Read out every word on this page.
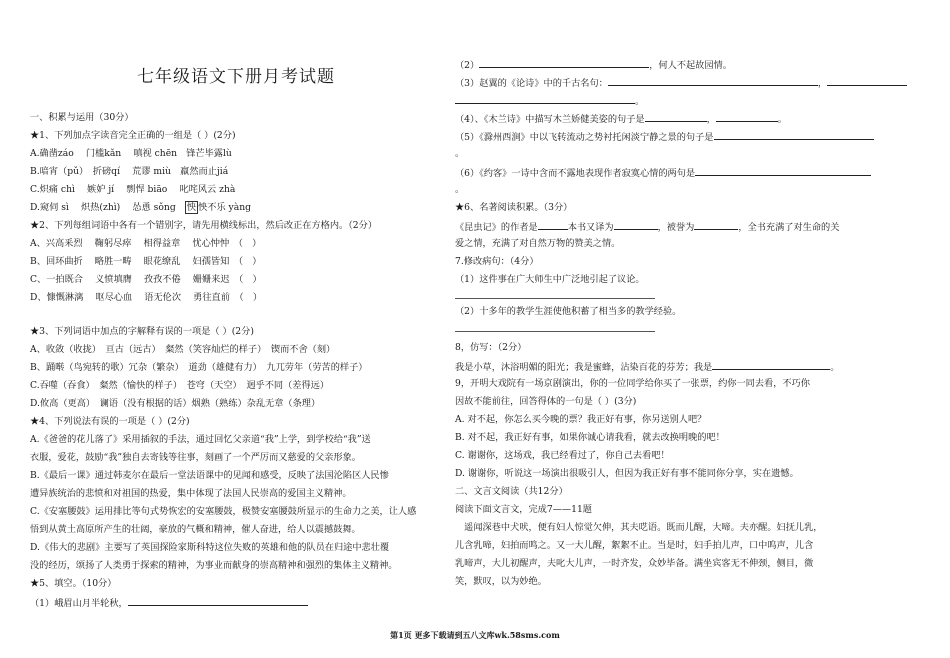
七年级语文下册月考试题
一、积累与运用（30分）
★1、下列加点字读音完全正确的一组是（ ）(2分)
A.确凿záo　 门槛kǎn　 嗔视 chēn　锋芒毕露lù
B.喑宵（pǔ）　折磅qí　 荒谬 miù　羸然而止jiá
C.炽痛 chì　 嫉妒 jí　 剽悍 biāo　 叱咤风云 zhà
D.窥伺 sì　 炽热(zhì)　 怂恿 sǒng　怏 怏不乐 yàng
★2、下列每组词语中各有一个错别字，请先用横线标出，然后改正在方格内。（2分）
A、兴高釆烈　 鞠躬尽瘁　 相得益章　 忧心忡忡　（　）
B、回环曲折　 略胜一畴　 眼花缭乱　 妇孺皆知　（　）
C、一拍既合　 义愤填膺　 孜孜不倦　 姗姗来迟　（　）
D、慷慨淋漓　 呕尽心血　 语无伦次　 勇往直前　（　）
★3、下列词语中加点的字解释有误的一项是（ ）(2分)
A、收敛（收拢）　亘古（远古）　粲然（笑容灿烂的样子）　锲而不舍（刻）
B、踊啭（鸟宛转的歌）冗杂（繁杂）　道劲（雄健有力）　九兀劳年（劳苦的样子）
C.吞噬（吞食）　粲然（愉快的样子）　苍穹（天空）　迥乎不同（差得远）
D.攸高（更高）　谰语（没有根据的话）烟熟（熟练）杂乱无章（条理）
★4、下列说法有误的一项是（ ）(2分)
A.《爸爸的花儿落了》采用插叙的手法，通过回忆父亲道“我”上学，到学校给“我”送
衣服，爱花，鼓励“我”独自去寄钱等往事，刻画了一个严厉而又慈爱的父亲形象。
B.《最后一课》通过韩麦尔在最后一堂法语课中的见闻和感受，反映了法国沦陷区人民惨
遭异族统治的悲愤和对祖国的热爱，集中体现了法国人民崇高的爱国主义精神。
C.《安塞腰鼓》运用排比等句式势恢宏的安塞腰鼓，极赞安塞腰鼓所显示的生命力之美，让人感
悟到从黄土高原所产生的壮阔，豪放的气概和精神，催人奋进，给人以震撼鼓舞。
D.《伟大的悲剧》主要写了英国探险家斯科特这位失败的英雄和他的队员在归途中悲壮覆
没的经历，颂扬了人类勇于探索的精神，为事业而献身的崇高精神和强烈的集体主义精神。
★5、填空。（10分）
（1）峨眉山月半轮秋，
（2）	，何人不起故园情。
（3）赵翼的《论诗》中的千古名句：	，
。
（4）、《木兰诗》中描写木兰娇健美姿的句子是	，	。
（5）《滁州西涧》中以飞转流动之势衬托闲淡宁静之景的句子是
。
（6）《约客》一诗中含而不露地表现作者寂寞心情的两句是
。
★6、名著阅读积累。（3分）
《昆虫记》的作者是	本书又译为	，被誉为	，全书充满了对生命的关
爱之情，充满了对自然万物的赞美之情。
7.修改病句：（4分）
（1）这件事在广大师生中广泛地引起了议论。
（2）十多年的教学生涯使他积蓄了相当多的教学经验。
8，仿写：（2分）
我是小草，沐浴明媚的阳光；我是蜜蜂，沾染百花的芬芳；我是	。
9，开明大戏院有一场京剧演出，你的一位同学给你买了一张票，约你一同去看，不巧你
因故不能前往，回答得体的一句是（ ）(3分)
A. 对不起，你怎么买今晚的票？我正好有事，你另送别人吧？
B. 对不起，我正好有事，如果你诚心请我看，就去改换明晚的吧！
C. 谢谢你，这场戏，我已经看过了，你自己去看吧！
D. 谢谢你，听说这一场演出很吸引人，但因为我正好有事不能同你分享，实在遗憾。
二、文言文阅读（共12分）
阅读下面文言文，完成7——11题
　遥闻深巷中犬吠，便有妇人惊觉欠伸，其夫呓语。既而儿醒，大啼。夫亦醒。妇抚儿乳，
儿含乳啼，妇拍而鸣之。又一大儿醒，絮絮不止。当是时，妇手拍儿声，口中呜声，儿含
乳啼声，大儿初醒声，夫叱大儿声，一时齐发，众妙毕备。满坐宾客无不伸颈，侧目，微
笑，默叹，以为妙绝。
第1页 更多下载请到五八文库wk.58sms.com
